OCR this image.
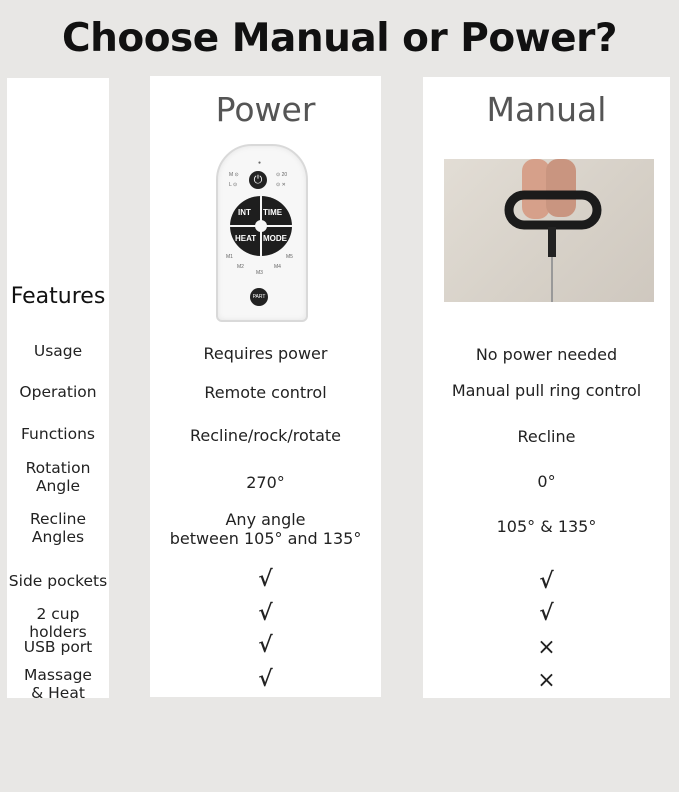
Choose Manual or Power?
Features
Usage
Operation
Functions
Rotation
Angle
Recline
Angles
Side pockets
2 cup holders
USB port
Massage
& Heat
Power
●
M ⊙
L ⊙
⊙ 20
⊙ ✕
⏻
INT TIME
HEAT MODE
M1
M2
M3
M4
M5
PART
Requires power
Remote control
Recline/rock/rotate
270°
Any angle
between 105° and 135°
√
√
√
√
Manual
No power needed
Manual pull ring control
Recline
0°
105° & 135°
√
√
×
×
